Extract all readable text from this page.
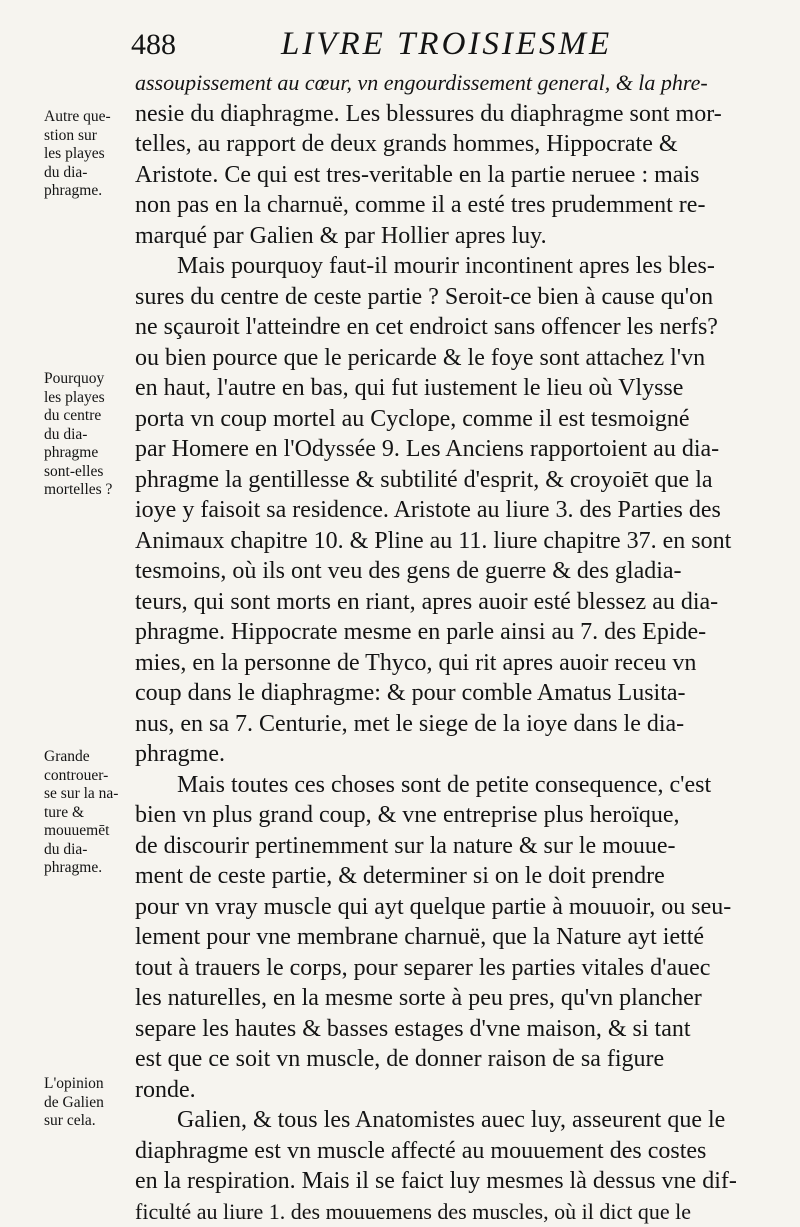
488	LIVRE TROISIESME
assoupissement au cœur, vn engourdissement general, & la phre-
nesie du diaphragme. Les blessures du diaphragme sont mor-
telles, au rapport de deux grands hommes, Hippocrate &
Aristote. Ce qui est tres-veritable en la partie neruee : mais
non pas en la charnuë, comme il a esté tres prudemment re-
marqué par Galien & par Hollier apres luy.
Mais pourquoy faut-il mourir incontinent apres les bles-
sures du centre de ceste partie ? Seroit-ce bien à cause qu'on
ne sçauroit l'atteindre en cet endroict sans offencer les nerfs?
ou bien pource que le pericarde & le foye sont attachez l'vn
en haut, l'autre en bas, qui fut iustement le lieu où Vlysse
porta vn coup mortel au Cyclope, comme il est tesmoigné
par Homere en l'Odyssée 9. Les Anciens rapportoient au dia-
phragme la gentillesse & subtilité d'esprit, & croyoiēt que la
ioye y faisoit sa residence. Aristote au liure 3. des Parties des
Animaux chapitre 10. & Pline au 11. liure chapitre 37. en sont
tesmoins, où ils ont veu des gens de guerre & des gladia-
teurs, qui sont morts en riant, apres auoir esté blessez au dia-
phragme. Hippocrate mesme en parle ainsi au 7. des Epide-
mies, en la personne de Thyco, qui rit apres auoir receu vn
coup dans le diaphragme: & pour comble Amatus Lusita-
nus, en sa 7. Centurie, met le siege de la ioye dans le dia-
phragme.
Mais toutes ces choses sont de petite consequence, c'est
bien vn plus grand coup, & vne entreprise plus heroïque,
de discourir pertinemment sur la nature & sur le mouue-
ment de ceste partie, & determiner si on le doit prendre
pour vn vray muscle qui ayt quelque partie à mouuoir, ou seu-
lement pour vne membrane charnuë, que la Nature ayt ietté
tout à trauers le corps, pour separer les parties vitales d'auec
les naturelles, en la mesme sorte à peu pres, qu'vn plancher
separe les hautes & basses estages d'vne maison, & si tant
est que ce soit vn muscle, de donner raison de sa figure
ronde.
Galien, & tous les Anatomistes auec luy, asseurent que le
diaphragme est vn muscle affecté au mouuement des costes
en la respiration. Mais il se faict luy mesmes là dessus vne dif-
ficulté au liure 1. des mouuemens des muscles, où il dict que le
Autre que-
stion sur
les playes
du dia-
phragme.
Pourquoy
les playes
du centre
du dia-
phragme
sont-elles
mortelles ?
Grande
controuer-
se sur la na-
ture &
mouuemēt
du dia-
phragme.
L'opinion
de Galien
sur cela.
